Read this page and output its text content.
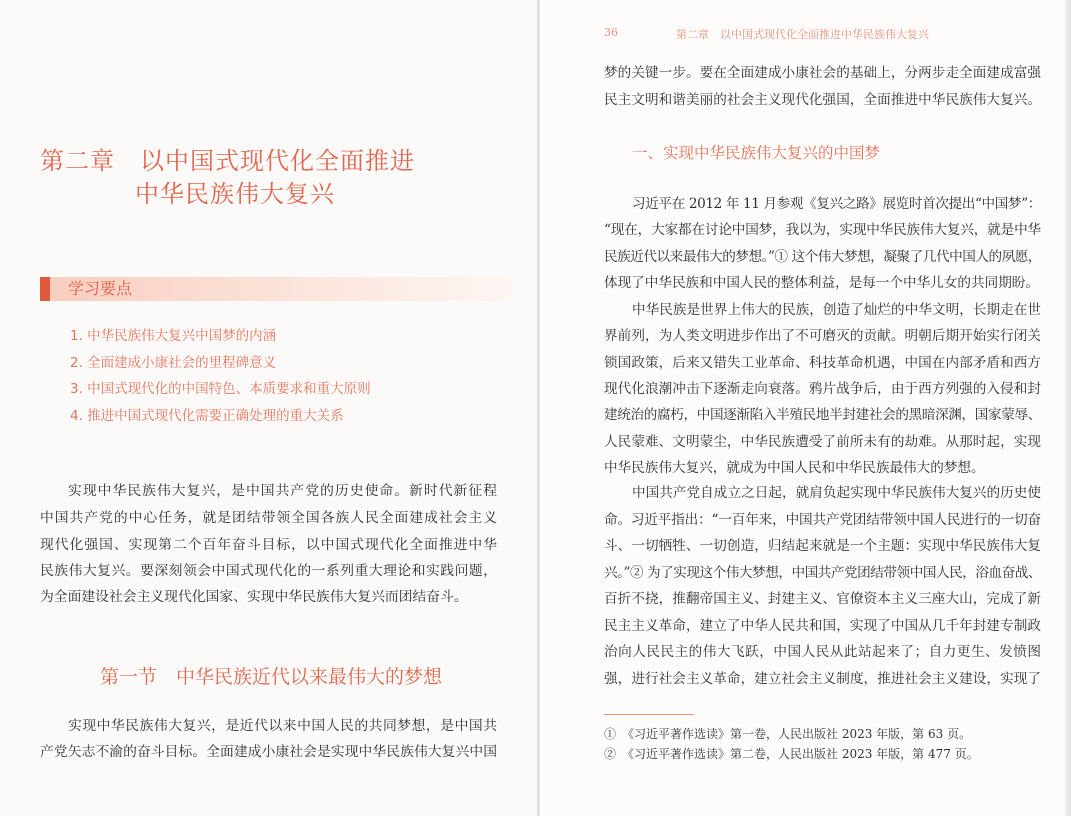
第二章　以中国式现代化全面推进
中华民族伟大复兴
学习要点
1. 中华民族伟大复兴中国梦的内涵
2. 全面建成小康社会的里程碑意义
3. 中国式现代化的中国特色、本质要求和重大原则
4. 推进中国式现代化需要正确处理的重大关系
第一节　中华民族近代以来最伟大的梦想
实现中华民族伟大复兴，是中国共产党的历史使命。新时代新征程
中国共产党的中心任务，就是团结带领全国各族人民全面建成社会主义
现代化强国、实现第二个百年奋斗目标，以中国式现代化全面推进中华
民族伟大复兴。要深刻领会中国式现代化的一系列重大理论和实践问题，
为全面建设社会主义现代化国家、实现中华民族伟大复兴而团结奋斗。
实现中华民族伟大复兴，是近代以来中国人民的共同梦想，是中国共
产党矢志不渝的奋斗目标。全面建成小康社会是实现中华民族伟大复兴中国
36	第二章　以中国式现代化全面推进中华民族伟大复兴
一、实现中华民族伟大复兴的中国梦
①　《习近平著作选读》第一卷，人民出版社 2023 年版，第 63 页。
②　《习近平著作选读》第二卷，人民出版社 2023 年版，第 477 页。
梦的关键一步。要在全面建成小康社会的基础上，分两步走全面建成富强
民主文明和谐美丽的社会主义现代化强国，全面推进中华民族伟大复兴。
习近平在 2012 年 11 月参观《复兴之路》展览时首次提出“中国梦”：
“现在，大家都在讨论中国梦，我以为，实现中华民族伟大复兴，就是中华
民族近代以来最伟大的梦想。”① 这个伟大梦想，凝聚了几代中国人的夙愿，
体现了中华民族和中国人民的整体利益，是每一个中华儿女的共同期盼。
中华民族是世界上伟大的民族，创造了灿烂的中华文明，长期走在世
界前列，为人类文明进步作出了不可磨灭的贡献。明朝后期开始实行闭关
锁国政策，后来又错失工业革命、科技革命机遇，中国在内部矛盾和西方
现代化浪潮冲击下逐渐走向衰落。鸦片战争后，由于西方列强的入侵和封
建统治的腐朽，中国逐渐陷入半殖民地半封建社会的黑暗深渊，国家蒙辱、
人民蒙难、文明蒙尘，中华民族遭受了前所未有的劫难。从那时起，实现
中华民族伟大复兴，就成为中国人民和中华民族最伟大的梦想。
中国共产党自成立之日起，就肩负起实现中华民族伟大复兴的历史使
命。习近平指出：“一百年来，中国共产党团结带领中国人民进行的一切奋
斗、一切牺牲、一切创造，归结起来就是一个主题：实现中华民族伟大复
兴。”② 为了实现这个伟大梦想，中国共产党团结带领中国人民，浴血奋战、
百折不挠，推翻帝国主义、封建主义、官僚资本主义三座大山，完成了新
民主主义革命，建立了中华人民共和国，实现了中国从几千年封建专制政
治向人民民主的伟大飞跃，中国人民从此站起来了；自力更生、发愤图
强，进行社会主义革命，建立社会主义制度，推进社会主义建设，实现了
